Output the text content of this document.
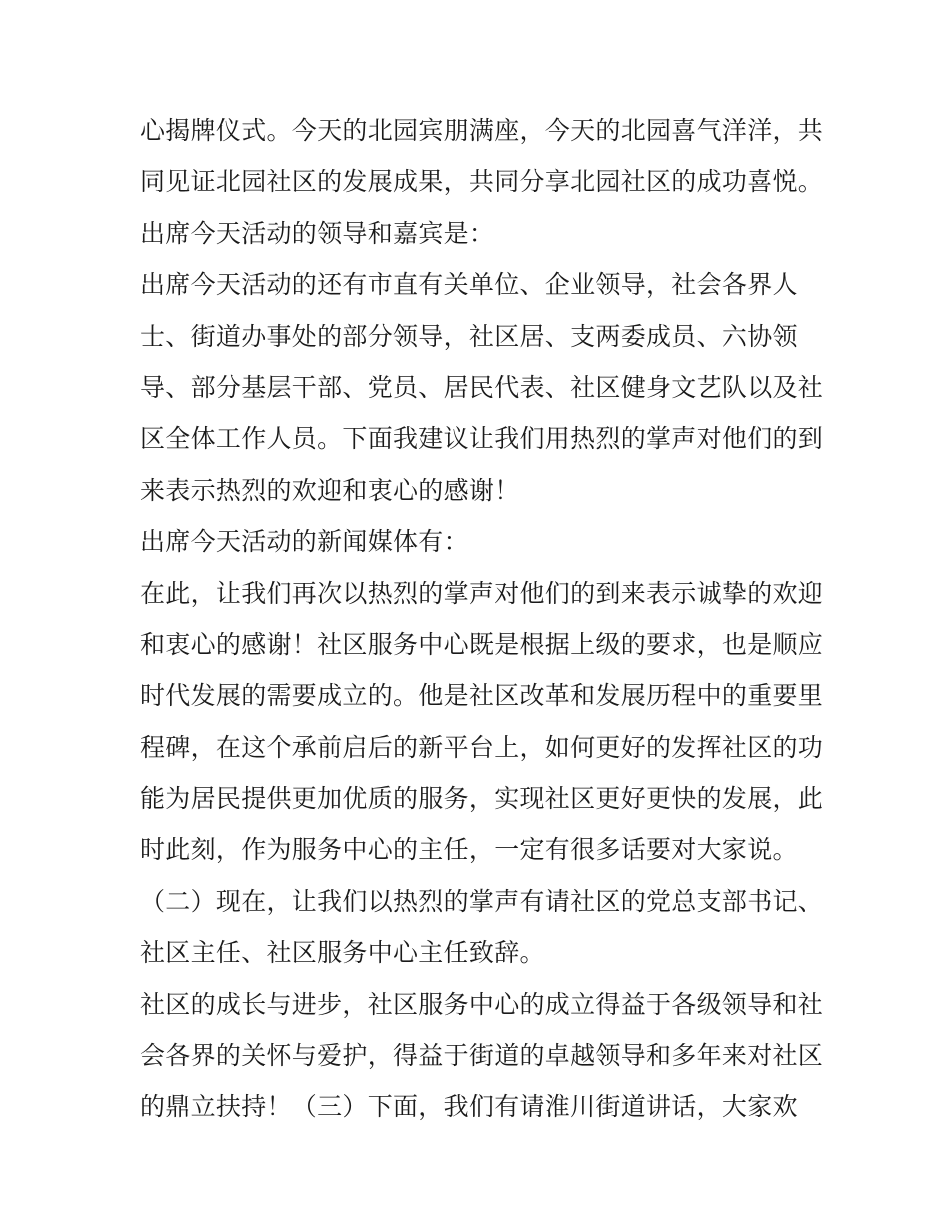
心揭牌仪式。今天的北园宾朋满座，今天的北园喜气洋洋，共
同见证北园社区的发展成果，共同分享北园社区的成功喜悦。

出席今天活动的领导和嘉宾是：

出席今天活动的还有市直有关单位、企业领导，社会各界人
士、街道办事处的部分领导，社区居、支两委成员、六协领
导、部分基层干部、党员、居民代表、社区健身文艺队以及社
区全体工作人员。下面我建议让我们用热烈的掌声对他们的到
来表示热烈的欢迎和衷心的感谢！

出席今天活动的新闻媒体有：

在此，让我们再次以热烈的掌声对他们的到来表示诚挚的欢迎
和衷心的感谢！社区服务中心既是根据上级的要求，也是顺应
时代发展的需要成立的。他是社区改革和发展历程中的重要里
程碑，在这个承前启后的新平台上，如何更好的发挥社区的功
能为居民提供更加优质的服务，实现社区更好更快的发展，此
时此刻，作为服务中心的主任，一定有很多话要对大家说。

（二）现在，让我们以热烈的掌声有请社区的党总支部书记、
社区主任、社区服务中心主任致辞。

社区的成长与进步，社区服务中心的成立得益于各级领导和社
会各界的关怀与爱护，得益于街道的卓越领导和多年来对社区
的鼎立扶持！（三）下面，我们有请淮川街道讲话，大家欢
